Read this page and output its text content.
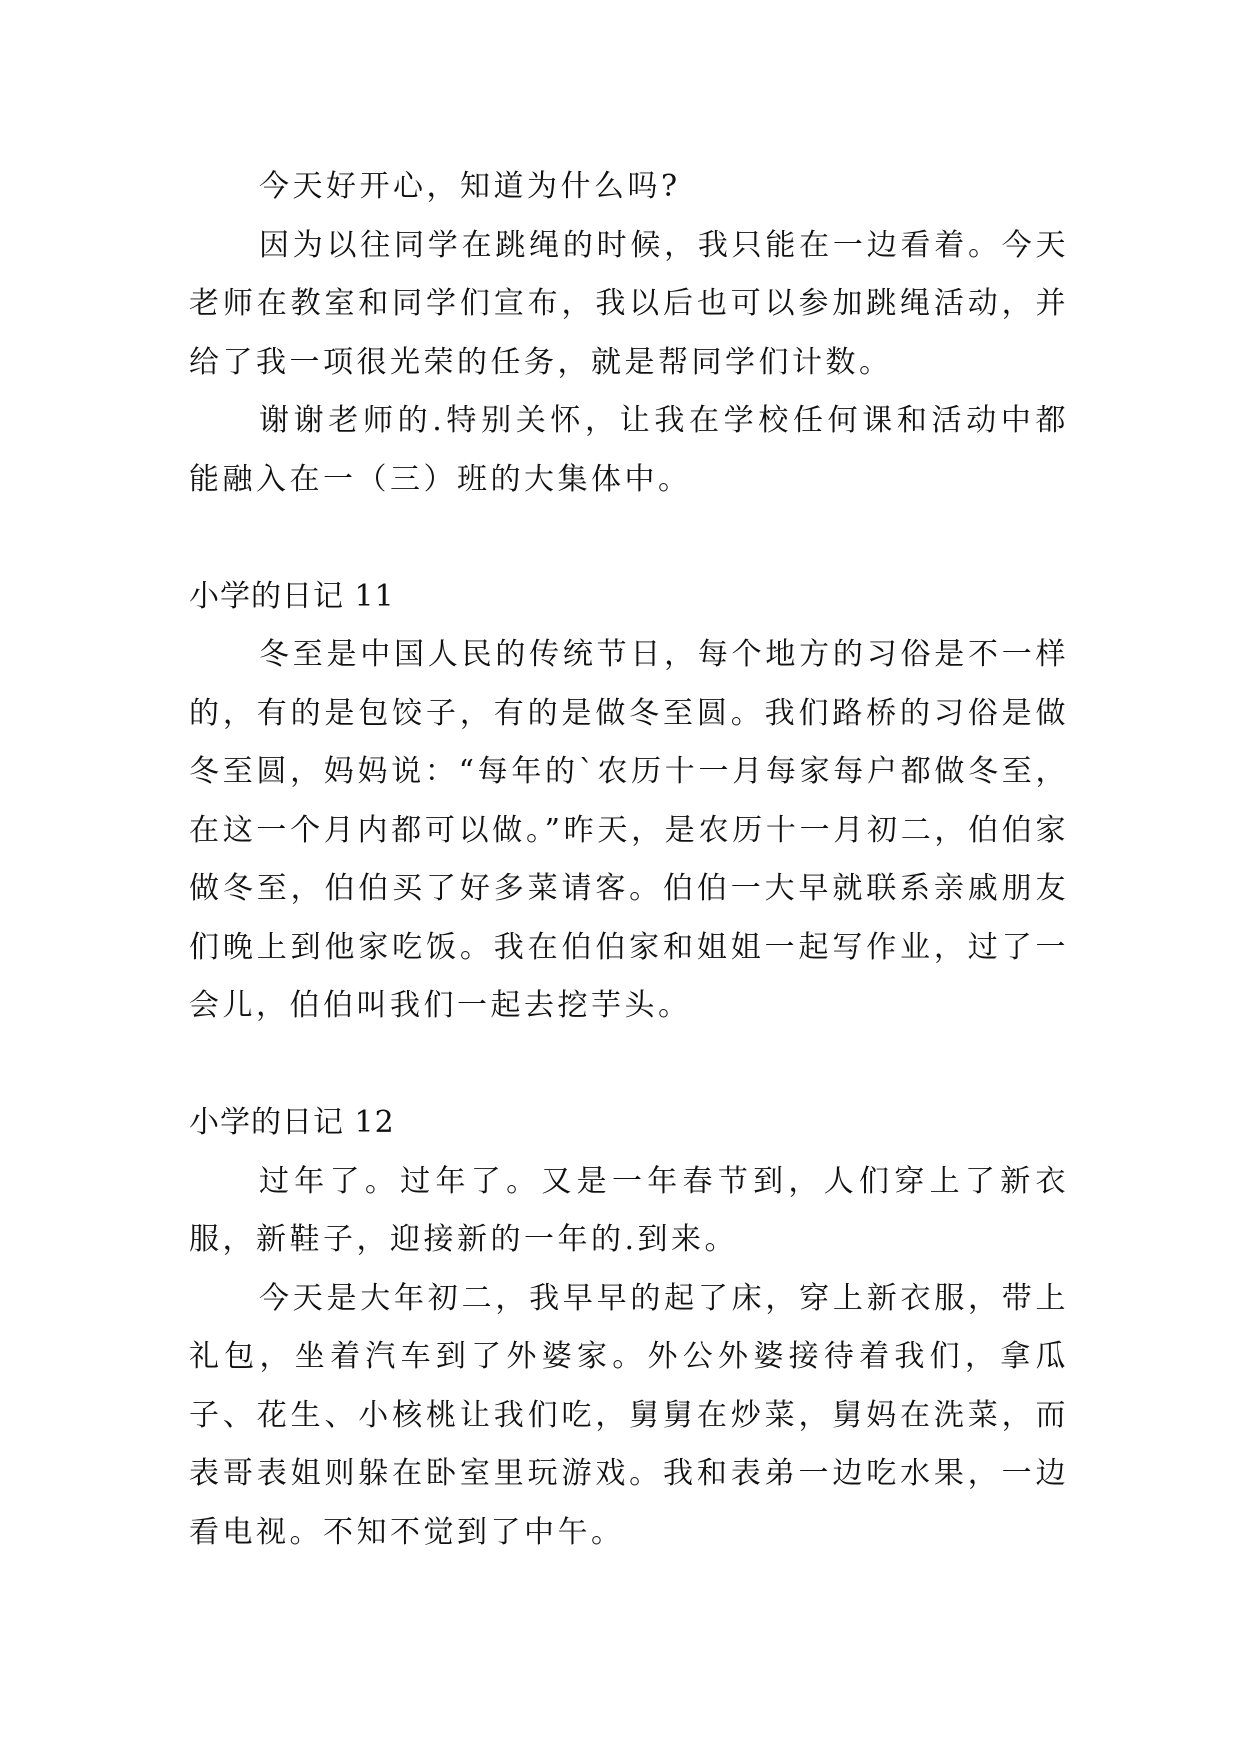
今天好开心，知道为什么吗?

因为以往同学在跳绳的时候，我只能在一边看着。今天老师在教室和同学们宣布，我以后也可以参加跳绳活动，并给了我一项很光荣的任务，就是帮同学们计数。

谢谢老师的.特别关怀，让我在学校任何课和活动中都能融入在一（三）班的大集体中。

小学的日记 11

冬至是中国人民的传统节日，每个地方的习俗是不一样的，有的是包饺子，有的是做冬至圆。我们路桥的习俗是做冬至圆，妈妈说：“每年的`农历十一月每家每户都做冬至，在这一个月内都可以做。”昨天，是农历十一月初二，伯伯家做冬至，伯伯买了好多菜请客。伯伯一大早就联系亲戚朋友们晚上到他家吃饭。我在伯伯家和姐姐一起写作业，过了一会儿，伯伯叫我们一起去挖芋头。

小学的日记 12

过年了。过年了。又是一年春节到，人们穿上了新衣服，新鞋子，迎接新的一年的.到来。

今天是大年初二，我早早的起了床，穿上新衣服，带上礼包，坐着汽车到了外婆家。外公外婆接待着我们，拿瓜子、花生、小核桃让我们吃，舅舅在炒菜，舅妈在洗菜，而表哥表姐则躲在卧室里玩游戏。我和表弟一边吃水果，一边看电视。不知不觉到了中午。
